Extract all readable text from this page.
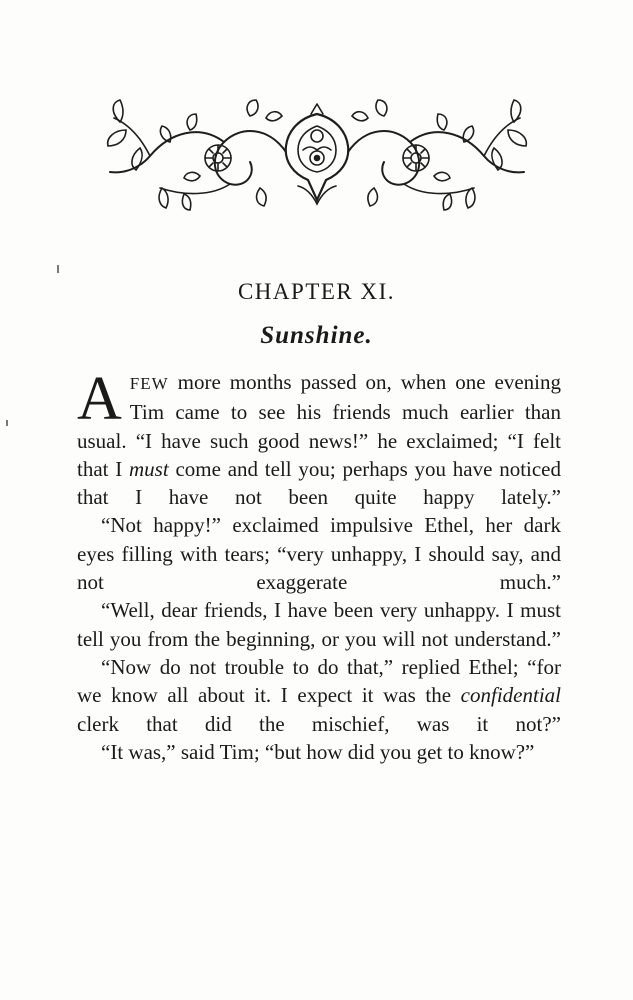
CHAPTER XI.
Sunshine.

AFEW more months passed on, when one evening Tim came to see his friends much earlier than usual. “I have such good news!” he exclaimed; “I felt that I must come and tell you; perhaps you have noticed that I have not been quite happy lately.”

“Not happy!” exclaimed impulsive Ethel, her dark eyes filling with tears; “very unhappy, I should say, and not exaggerate much.”

“Well, dear friends, I have been very unhappy. I must tell you from the beginning, or you will not understand.”

“Now do not trouble to do that,” replied Ethel; “for we know all about it. I expect it was the confidential clerk that did the mischief, was it not?”

“It was,” said Tim; “but how did you get to know?”
